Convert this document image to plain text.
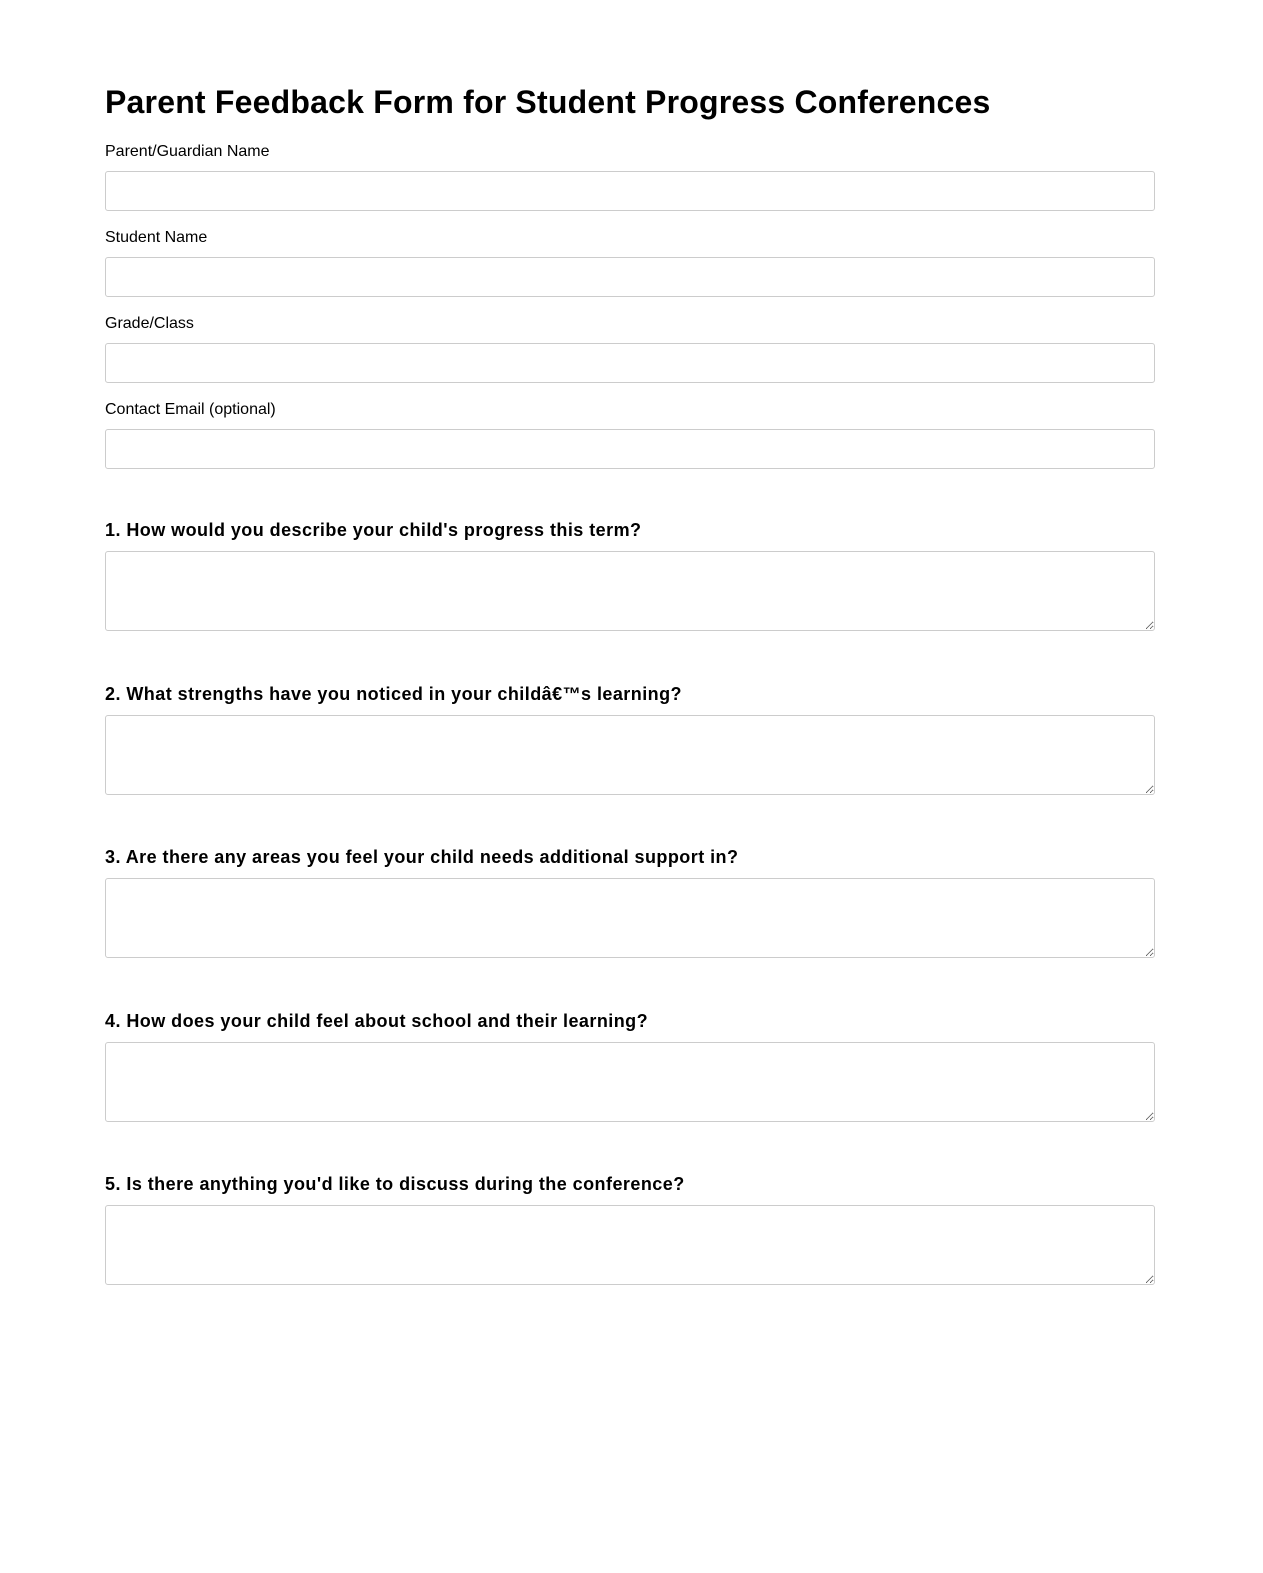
Parent Feedback Form for Student Progress Conferences
Parent/Guardian Name
Student Name
Grade/Class
Contact Email (optional)
1. How would you describe your child's progress this term?
2. What strengths have you noticed in your childâ€™s learning?
3. Are there any areas you feel your child needs additional support in?
4. How does your child feel about school and their learning?
5. Is there anything you'd like to discuss during the conference?
